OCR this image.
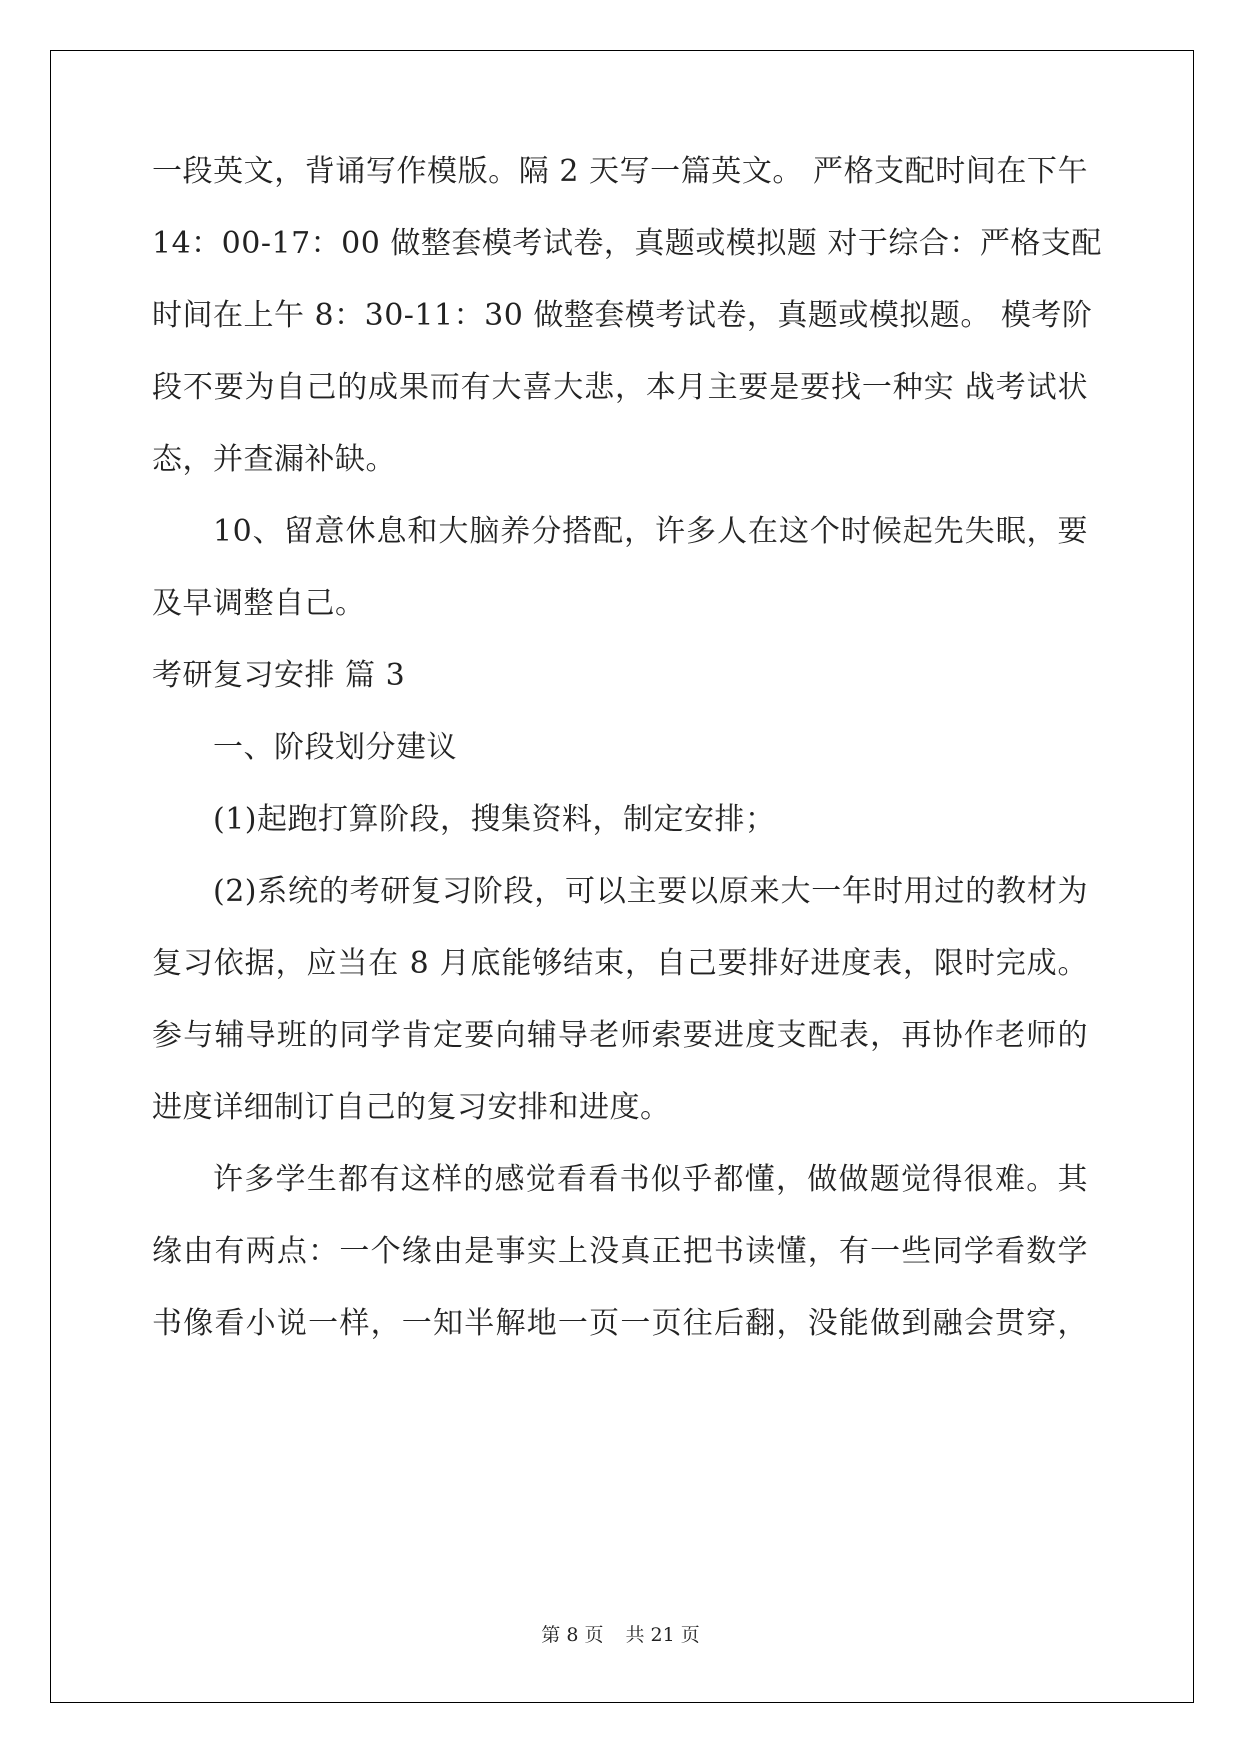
一段英文，背诵写作模版。隔 2 天写一篇英文。 严格支配时间在下午
14：00-17：00 做整套模考试卷，真题或模拟题 对于综合：严格支配
时间在上午 8：30-11：30 做整套模考试卷，真题或模拟题。 模考阶
段不要为自己的成果而有大喜大悲，本月主要是要找一种实 战考试状
态，并查漏补缺。
10、留意休息和大脑养分搭配，许多人在这个时候起先失眠，要
及早调整自己。
考研复习安排 篇 3
一、阶段划分建议
(1)起跑打算阶段，搜集资料，制定安排；
(2)系统的考研复习阶段，可以主要以原来大一年时用过的教材为
复习依据，应当在 8 月底能够结束，自己要排好进度表，限时完成。
参与辅导班的同学肯定要向辅导老师索要进度支配表，再协作老师的
进度详细制订自己的复习安排和进度。
许多学生都有这样的感觉看看书似乎都懂，做做题觉得很难。其
缘由有两点：一个缘由是事实上没真正把书读懂，有一些同学看数学
书像看小说一样，一知半解地一页一页往后翻，没能做到融会贯穿，
第 8 页 共 21 页
